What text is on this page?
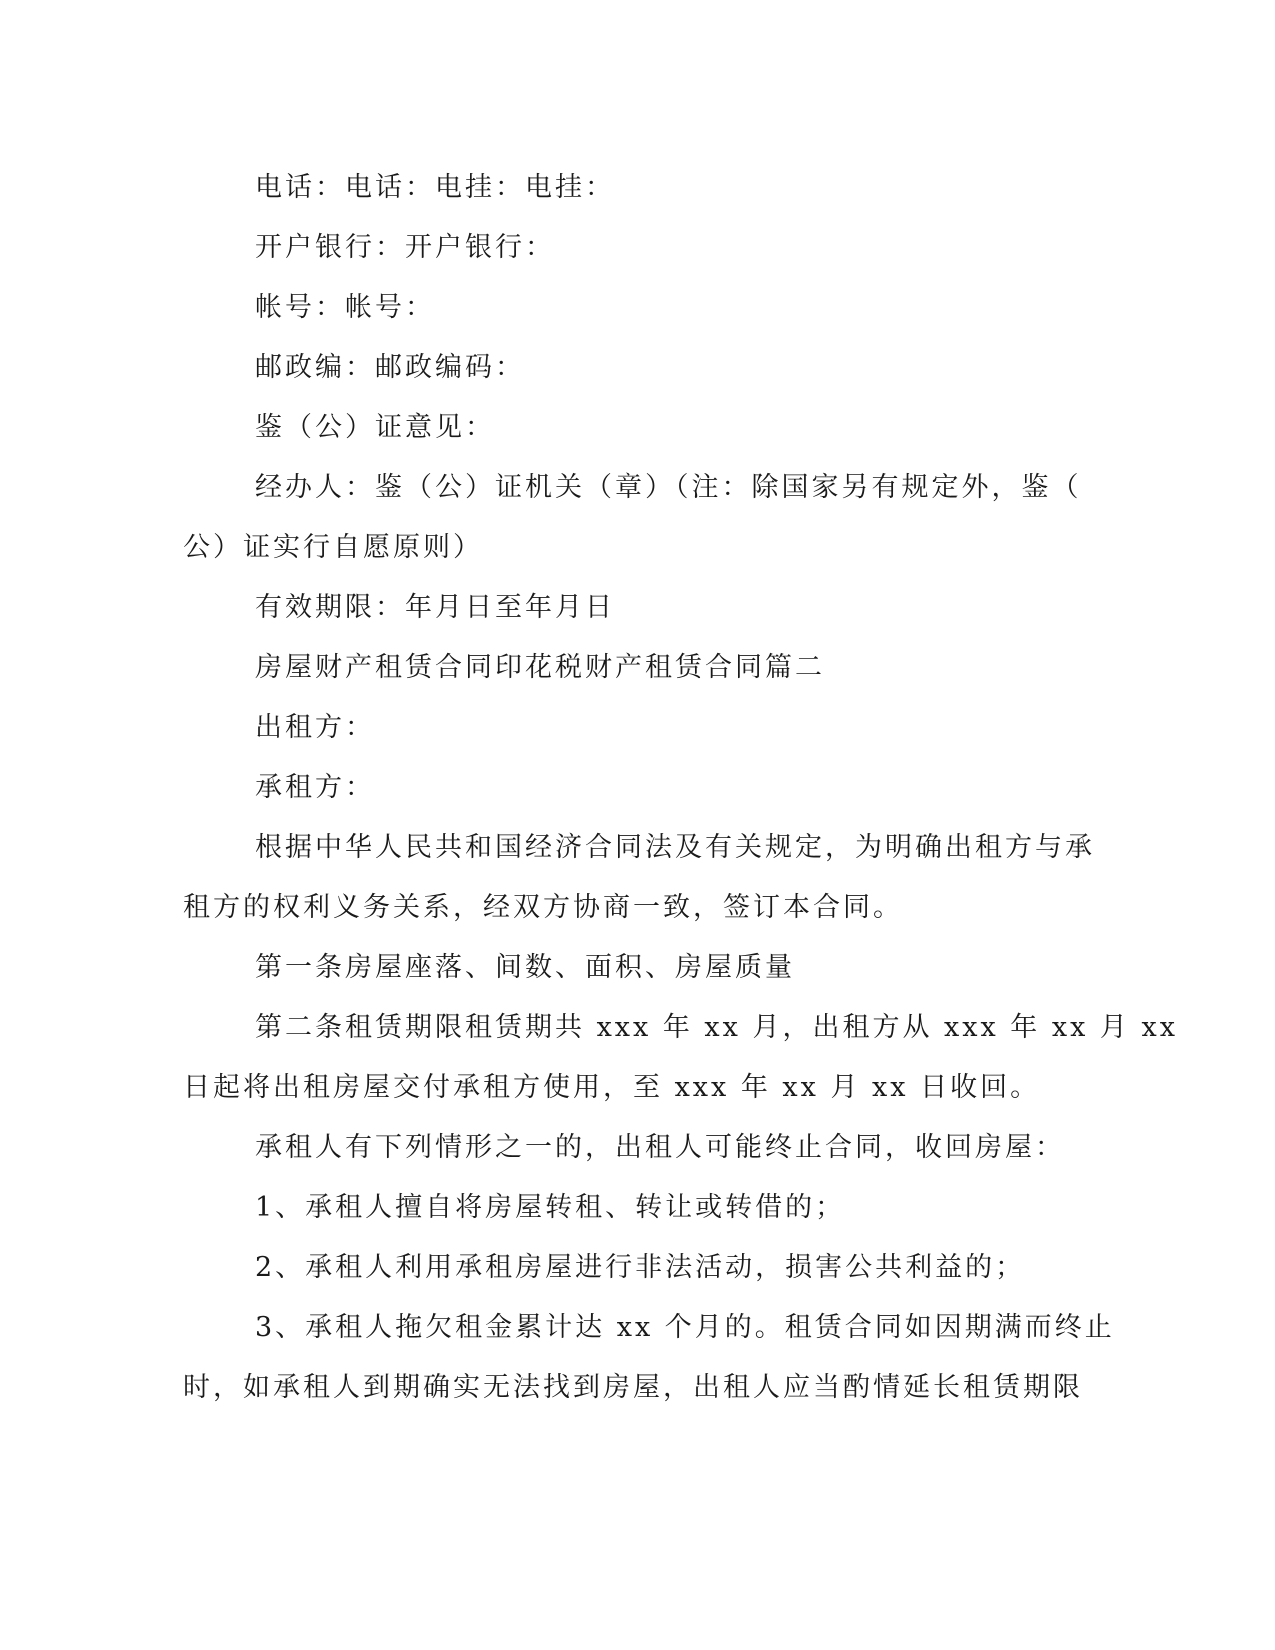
电话：电话：电挂：电挂：

开户银行：开户银行：

帐号：帐号：

邮政编：邮政编码：

鉴（公）证意见：

经办人：鉴（公）证机关（章）（注：除国家另有规定外，鉴（

公）证实行自愿原则）

有效期限：年月日至年月日

房屋财产租赁合同印花税财产租赁合同篇二

出租方：

承租方：

根据中华人民共和国经济合同法及有关规定，为明确出租方与承

租方的权利义务关系，经双方协商一致，签订本合同。

第一条房屋座落、间数、面积、房屋质量

第二条租赁期限租赁期共 xxx 年 xx 月，出租方从 xxx 年 xx 月 xx

日起将出租房屋交付承租方使用，至 xxx 年 xx 月 xx 日收回。

承租人有下列情形之一的，出租人可能终止合同，收回房屋：

1、承租人擅自将房屋转租、转让或转借的；

2、承租人利用承租房屋进行非法活动，损害公共利益的；

3、承租人拖欠租金累计达 xx 个月的。租赁合同如因期满而终止

时，如承租人到期确实无法找到房屋，出租人应当酌情延长租赁期限
